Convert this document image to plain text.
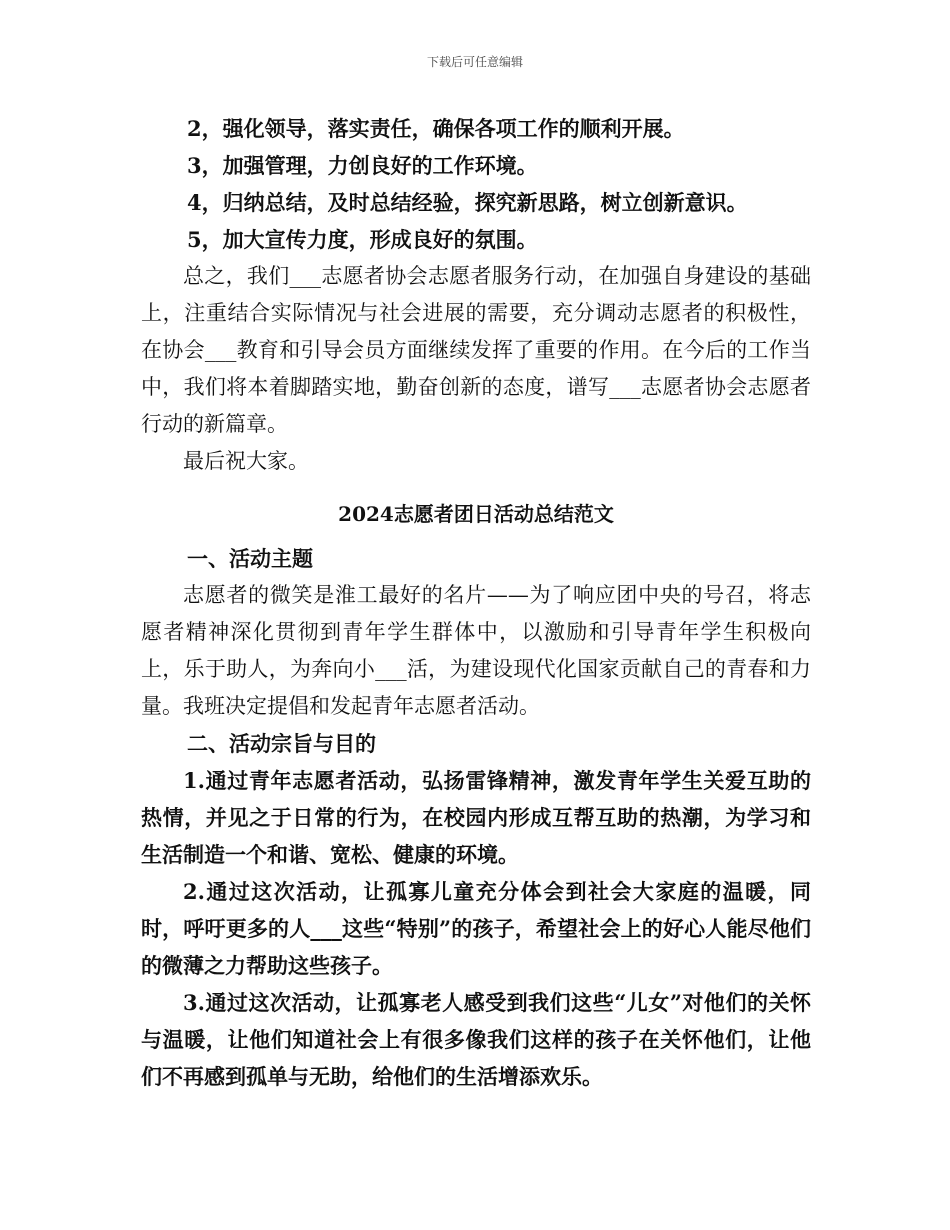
下载后可任意编辑

2，强化领导，落实责任，确保各项工作的顺利开展。

3，加强管理，力创良好的工作环境。

4，归纳总结，及时总结经验，探究新思路，树立创新意识。

5，加大宣传力度，形成良好的氛围。

总之，我们___志愿者协会志愿者服务行动，在加强自身建设的基础上，注重结合实际情况与社会进展的需要，充分调动志愿者的积极性，在协会___教育和引导会员方面继续发挥了重要的作用。在今后的工作当中，我们将本着脚踏实地，勤奋创新的态度，谱写___志愿者协会志愿者行动的新篇章。

最后祝大家。

2024志愿者团日活动总结范文

一、活动主题

志愿者的微笑是淮工最好的名片——为了响应团中央的号召，将志愿者精神深化贯彻到青年学生群体中，以激励和引导青年学生积极向上，乐于助人，为奔向小___活，为建设现代化国家贡献自己的青春和力量。我班决定提倡和发起青年志愿者活动。

二、活动宗旨与目的

1.通过青年志愿者活动，弘扬雷锋精神，激发青年学生关爱互助的热情，并见之于日常的行为，在校园内形成互帮互助的热潮，为学习和生活制造一个和谐、宽松、健康的环境。

2.通过这次活动，让孤寡儿童充分体会到社会大家庭的温暖，同时，呼吁更多的人___这些“特别”的孩子，希望社会上的好心人能尽他们的微薄之力帮助这些孩子。

3.通过这次活动，让孤寡老人感受到我们这些“儿女”对他们的关怀与温暖，让他们知道社会上有很多像我们这样的孩子在关怀他们，让他们不再感到孤单与无助，给他们的生活增添欢乐。
